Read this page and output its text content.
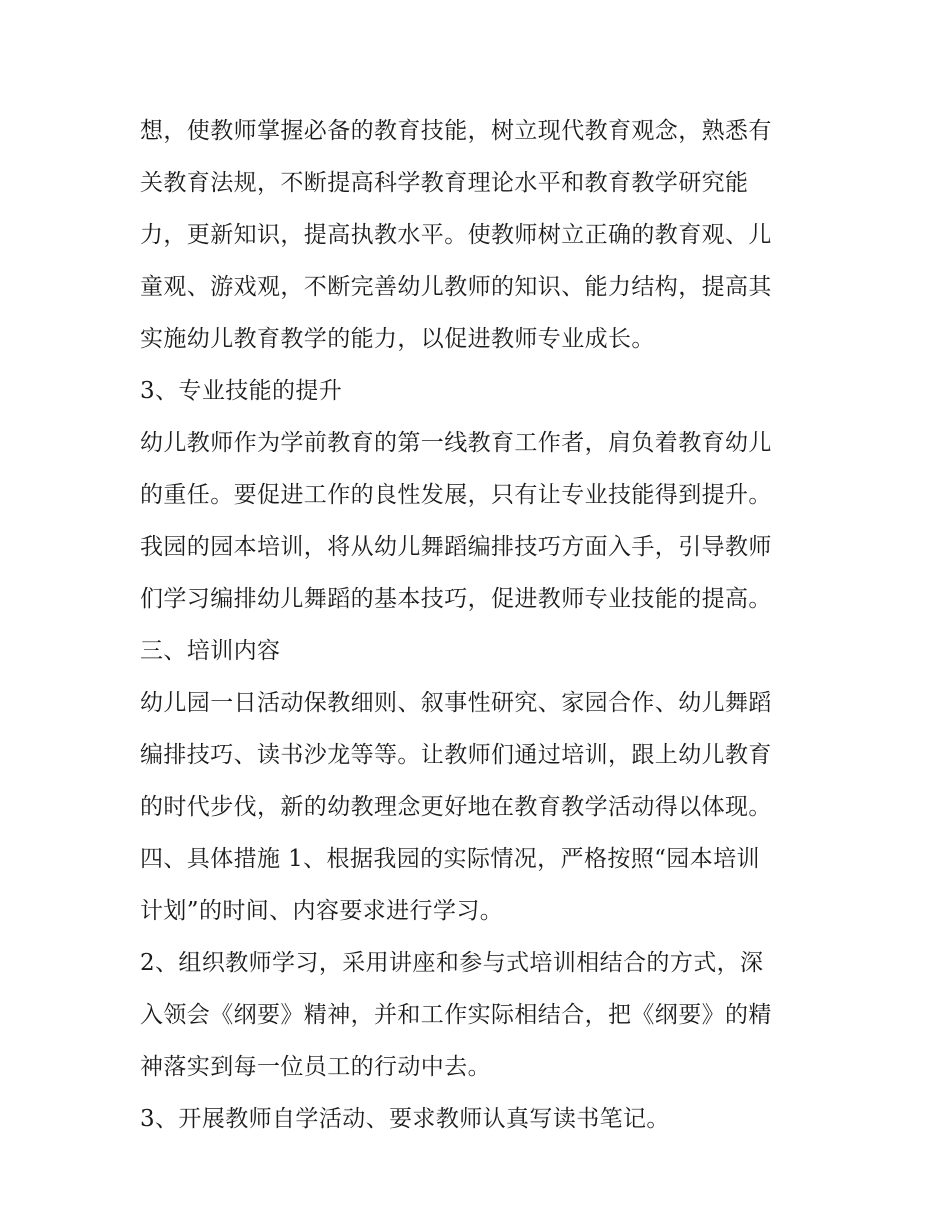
想，使教师掌握必备的教育技能，树立现代教育观念，熟悉有
关教育法规，不断提高科学教育理论水平和教育教学研究能
力，更新知识，提高执教水平。使教师树立正确的教育观、儿
童观、游戏观，不断完善幼儿教师的知识、能力结构，提高其
实施幼儿教育教学的能力，以促进教师专业成长。
3、专业技能的提升
幼儿教师作为学前教育的第一线教育工作者，肩负着教育幼儿
的重任。要促进工作的良性发展，只有让专业技能得到提升。
我园的园本培训，将从幼儿舞蹈编排技巧方面入手，引导教师
们学习编排幼儿舞蹈的基本技巧，促进教师专业技能的提高。
三、培训内容
幼儿园一日活动保教细则、叙事性研究、家园合作、幼儿舞蹈
编排技巧、读书沙龙等等。让教师们通过培训，跟上幼儿教育
的时代步伐，新的幼教理念更好地在教育教学活动得以体现。
四、具体措施 1、根据我园的实际情况，严格按照“园本培训
计划”的时间、内容要求进行学习。
2、组织教师学习，采用讲座和参与式培训相结合的方式，深
入领会《纲要》精神，并和工作实际相结合，把《纲要》的精
神落实到每一位员工的行动中去。
3、开展教师自学活动、要求教师认真写读书笔记。
